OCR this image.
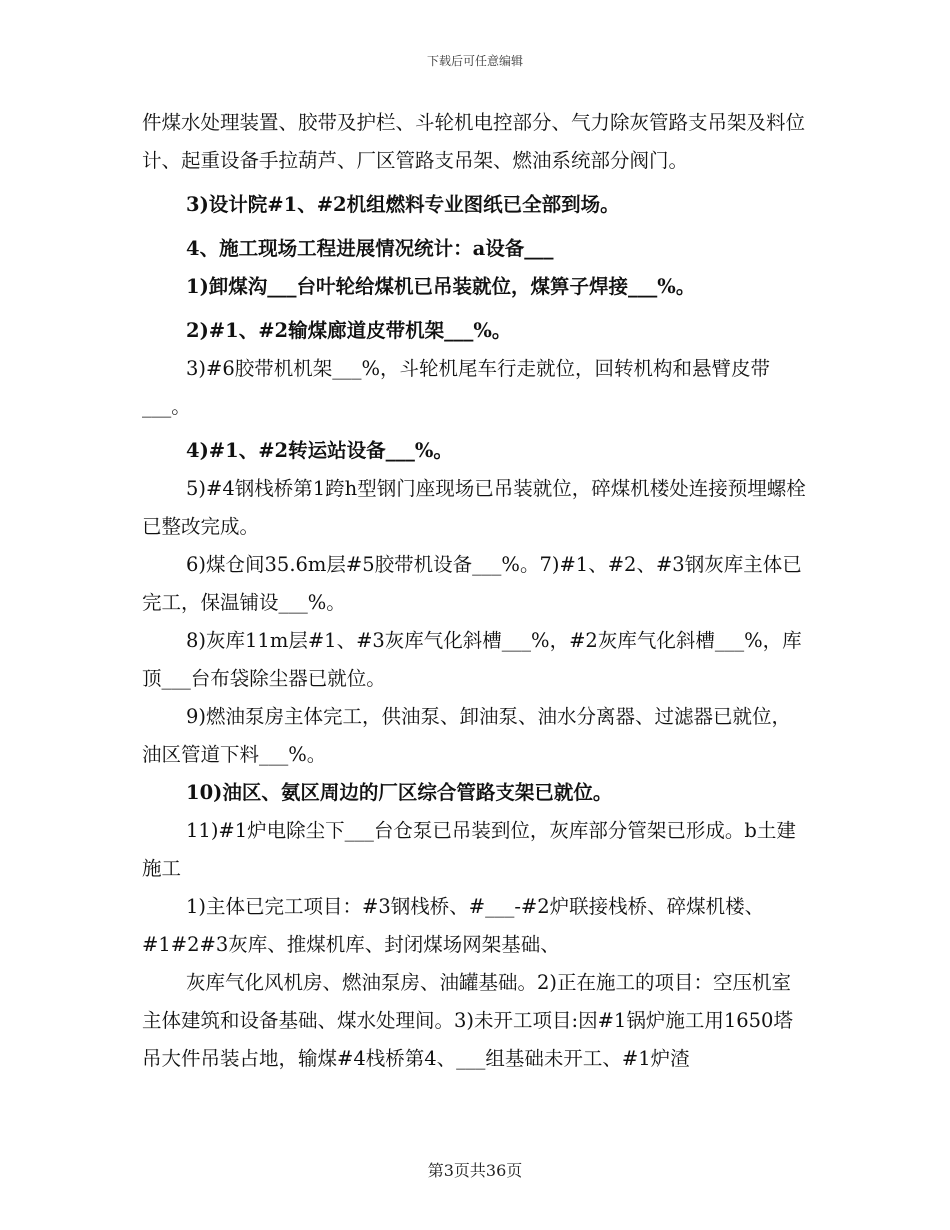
下载后可任意编辑

件煤水处理装置、胶带及护栏、斗轮机电控部分、气力除灰管路支吊架及料位计、起重设备手拉葫芦、厂区管路支吊架、燃油系统部分阀门。

3)设计院#1、#2机组燃料专业图纸已全部到场。

4、施工现场工程进展情况统计：a设备___

1)卸煤沟___台叶轮给煤机已吊装就位，煤箅子焊接___%。

2)#1、#2输煤廊道皮带机架___%。

3)#6胶带机机架___%，斗轮机尾车行走就位，回转机构和悬臂皮带___。

4)#1、#2转运站设备___%。

5)#4钢栈桥第1跨h型钢门座现场已吊装就位，碎煤机楼处连接预埋螺栓已整改完成。

6)煤仓间35.6m层#5胶带机设备___%。7)#1、#2、#3钢灰库主体已完工，保温铺设___%。

8)灰库11m层#1、#3灰库气化斜槽___%，#2灰库气化斜槽___%，库顶___台布袋除尘器已就位。

9)燃油泵房主体完工，供油泵、卸油泵、油水分离器、过滤器已就位，油区管道下料___%。

10)油区、氨区周边的厂区综合管路支架已就位。

11)#1炉电除尘下___台仓泵已吊装到位，灰库部分管架已形成。b土建施工

1)主体已完工项目：#3钢栈桥、#___-#2炉联接栈桥、碎煤机楼、#1#2#3灰库、推煤机库、封闭煤场网架基础、

灰库气化风机房、燃油泵房、油罐基础。2)正在施工的项目：空压机室主体建筑和设备基础、煤水处理间。3)未开工项目:因#1锅炉施工用1650塔吊大件吊装占地，输煤#4栈桥第4、___组基础未开工、#1炉渣

第3页共36页
